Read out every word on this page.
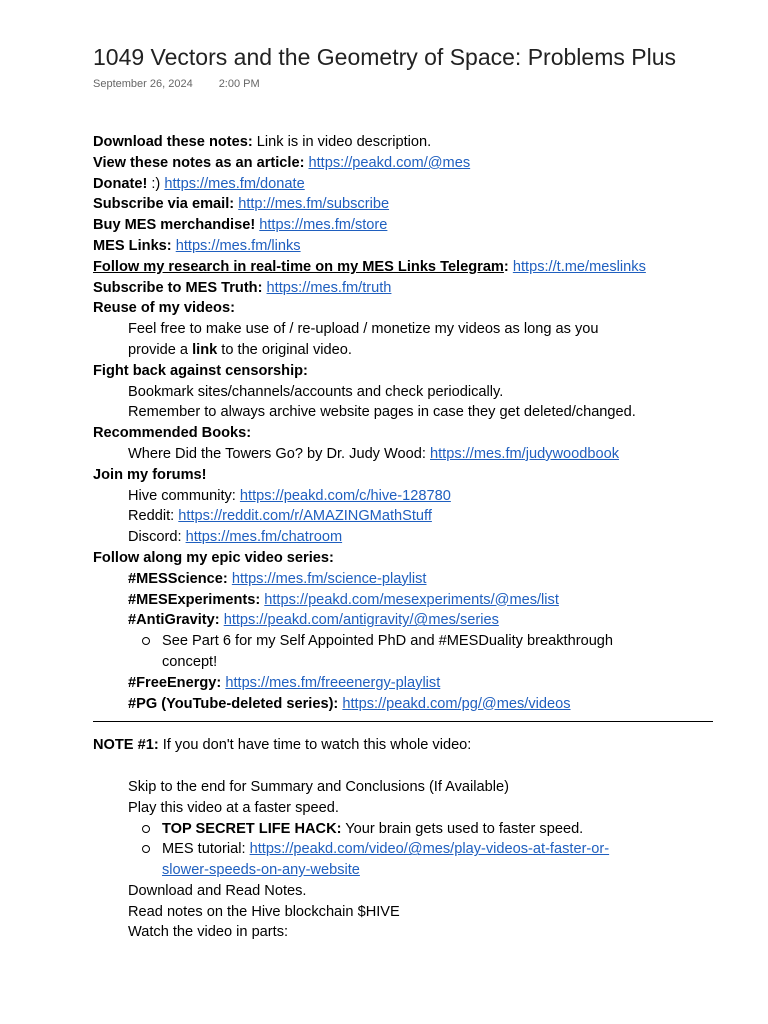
1049 Vectors and the Geometry of Space: Problems Plus
September 26, 2024 2:00 PM
Download these notes: Link is in video description.
View these notes as an article: https://peakd.com/@mes
Donate! :) https://mes.fm/donate
Subscribe via email: http://mes.fm/subscribe
Buy MES merchandise! https://mes.fm/store
MES Links: https://mes.fm/links
Follow my research in real-time on my MES Links Telegram: https://t.me/meslinks
Subscribe to MES Truth: https://mes.fm/truth
Reuse of my videos:
Feel free to make use of / re-upload / monetize my videos as long as you
provide a link to the original video.
Fight back against censorship:
Bookmark sites/channels/accounts and check periodically.
Remember to always archive website pages in case they get deleted/changed.
Recommended Books:
Where Did the Towers Go? by Dr. Judy Wood: https://mes.fm/judywoodbook
Join my forums!
Hive community: https://peakd.com/c/hive-128780
Reddit: https://reddit.com/r/AMAZINGMathStuff
Discord: https://mes.fm/chatroom
Follow along my epic video series:
#MESScience: https://mes.fm/science-playlist
#MESExperiments: https://peakd.com/mesexperiments/@mes/list
#AntiGravity: https://peakd.com/antigravity/@mes/series
See Part 6 for my Self Appointed PhD and #MESDuality breakthrough
concept!
#FreeEnergy: https://mes.fm/freeenergy-playlist
#PG (YouTube-deleted series): https://peakd.com/pg/@mes/videos
NOTE #1: If you don't have time to watch this whole video:
Skip to the end for Summary and Conclusions (If Available)
Play this video at a faster speed.
TOP SECRET LIFE HACK: Your brain gets used to faster speed.
MES tutorial: https://peakd.com/video/@mes/play-videos-at-faster-or-
slower-speeds-on-any-website
Download and Read Notes.
Read notes on the Hive blockchain $HIVE
Watch the video in parts:
